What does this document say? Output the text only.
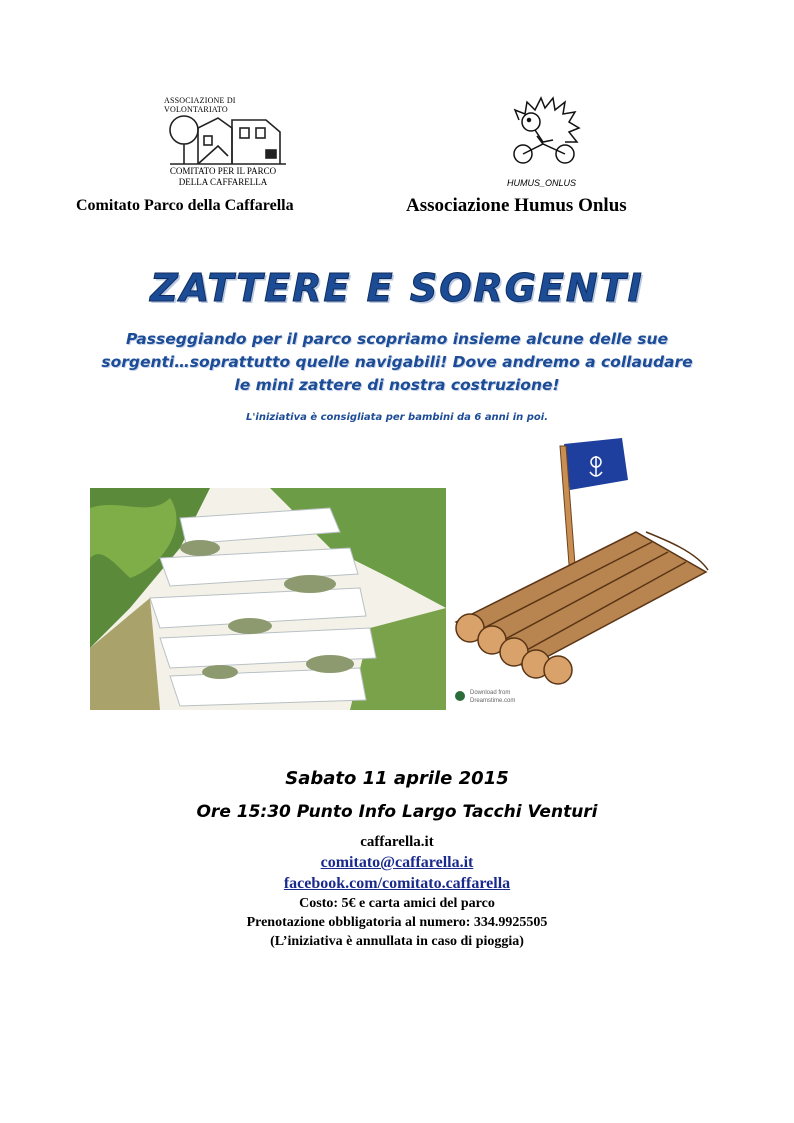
ASSOCIAZIONE DI VOLONTARIATO
COMITATO PER IL PARCO
DELLA CAFFARELLA
Comitato Parco della Caffarella
HUMUS_ONLUS
Associazione Humus Onlus
ZATTERE E SORGENTI
Passeggiando per il parco scopriamo insieme alcune delle sue
sorgenti…soprattutto quelle navigabili! Dove andremo a collaudare
le mini zattere di nostra costruzione!
L'iniziativa è consigliata per bambini da 6 anni in poi.
Download from
Dreamstime.com
Sabato 11 aprile 2015
Ore 15:30 Punto Info Largo Tacchi Venturi
caffarella.it
comitato@caffarella.it
facebook.com/comitato.caffarella
Costo: 5€ e carta amici del parco
Prenotazione obbligatoria al numero: 334.9925505
(L’iniziativa è annullata in caso di pioggia)
